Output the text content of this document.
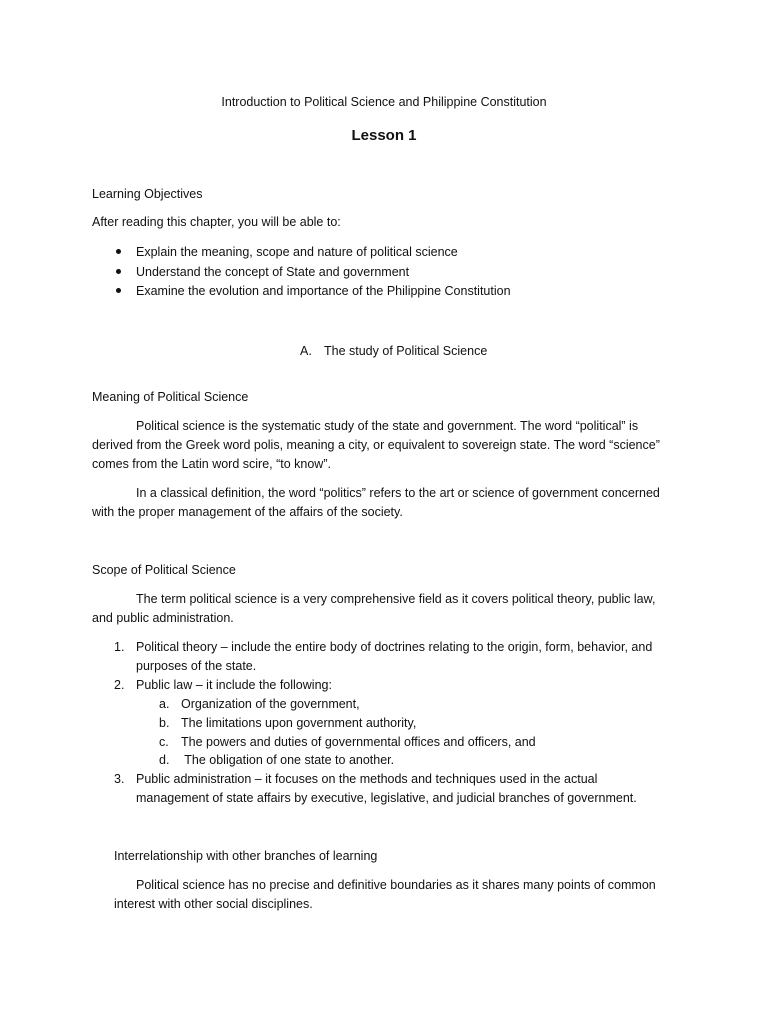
Introduction to Political Science and Philippine Constitution
Lesson 1
Learning Objectives
After reading this chapter, you will be able to:
Explain the meaning, scope and nature of political science
Understand the concept of State and government
Examine the evolution and importance of the Philippine Constitution
A. The study of Political Science
Meaning of Political Science
Political science is the systematic study of the state and government. The word “political” is
derived from the Greek word polis, meaning a city, or equivalent to sovereign state. The word “science”
comes from the Latin word scire, “to know”.
In a classical definition, the word “politics” refers to the art or science of government concerned
with the proper management of the affairs of the society.
Scope of Political Science
The term political science is a very comprehensive field as it covers political theory, public law,
and public administration.
1. Political theory – include the entire body of doctrines relating to the origin, form, behavior, and
purposes of the state.
2. Public law – it include the following:
a. Organization of the government,
b. The limitations upon government authority,
c. The powers and duties of governmental offices and officers, and
d. The obligation of one state to another.
3. Public administration – it focuses on the methods and techniques used in the actual
management of state affairs by executive, legislative, and judicial branches of government.
Interrelationship with other branches of learning
Political science has no precise and definitive boundaries as it shares many points of common
interest with other social disciplines.
